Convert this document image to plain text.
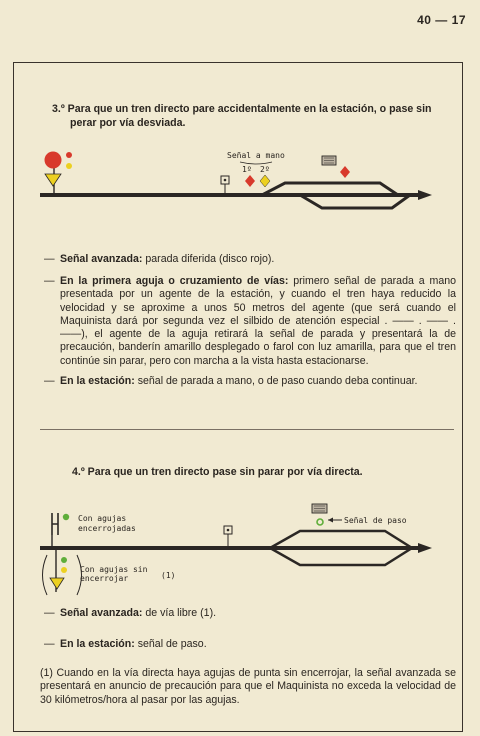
40 — 17
3.º Para que un tren directo pare accidentalmente en la estación, o pase sin
perar por vía desviada.
Señal a mano
1º 2º
— Señal avanzada: parada diferida (disco rojo).
— En la primera aguja o cruzamiento de vías: primero señal de parada a mano presentada por un agente de la estación, y cuando el tren haya reducido la velocidad y se aproxime a unos 50 metros del agente (que será cuando el Maquinista dará por segunda vez el silbido de atención especial . —— . —— . ——), el agente de la aguja retirará la señal de parada y presentará la de precaución, banderín amarillo desplegado o farol con luz amarilla, para que el tren continúe sin parar, pero con marcha a la vista hasta estacionarse.
— En la estación: señal de parada a mano, o de paso cuando deba continuar.
4.º Para que un tren directo pase sin parar por vía directa.
Con agujas
encerrojadas
Con agujas sin
encerrojar	(1)
Señal de paso
— Señal avanzada: de vía libre (1).
— En la estación: señal de paso.
(1) Cuando en la vía directa haya agujas de punta sin encerrojar, la señal avanzada se presentará en anuncio de precaución para que el Maquinista no exceda la velocidad de 30 kilómetros/hora al pasar por las agujas.
